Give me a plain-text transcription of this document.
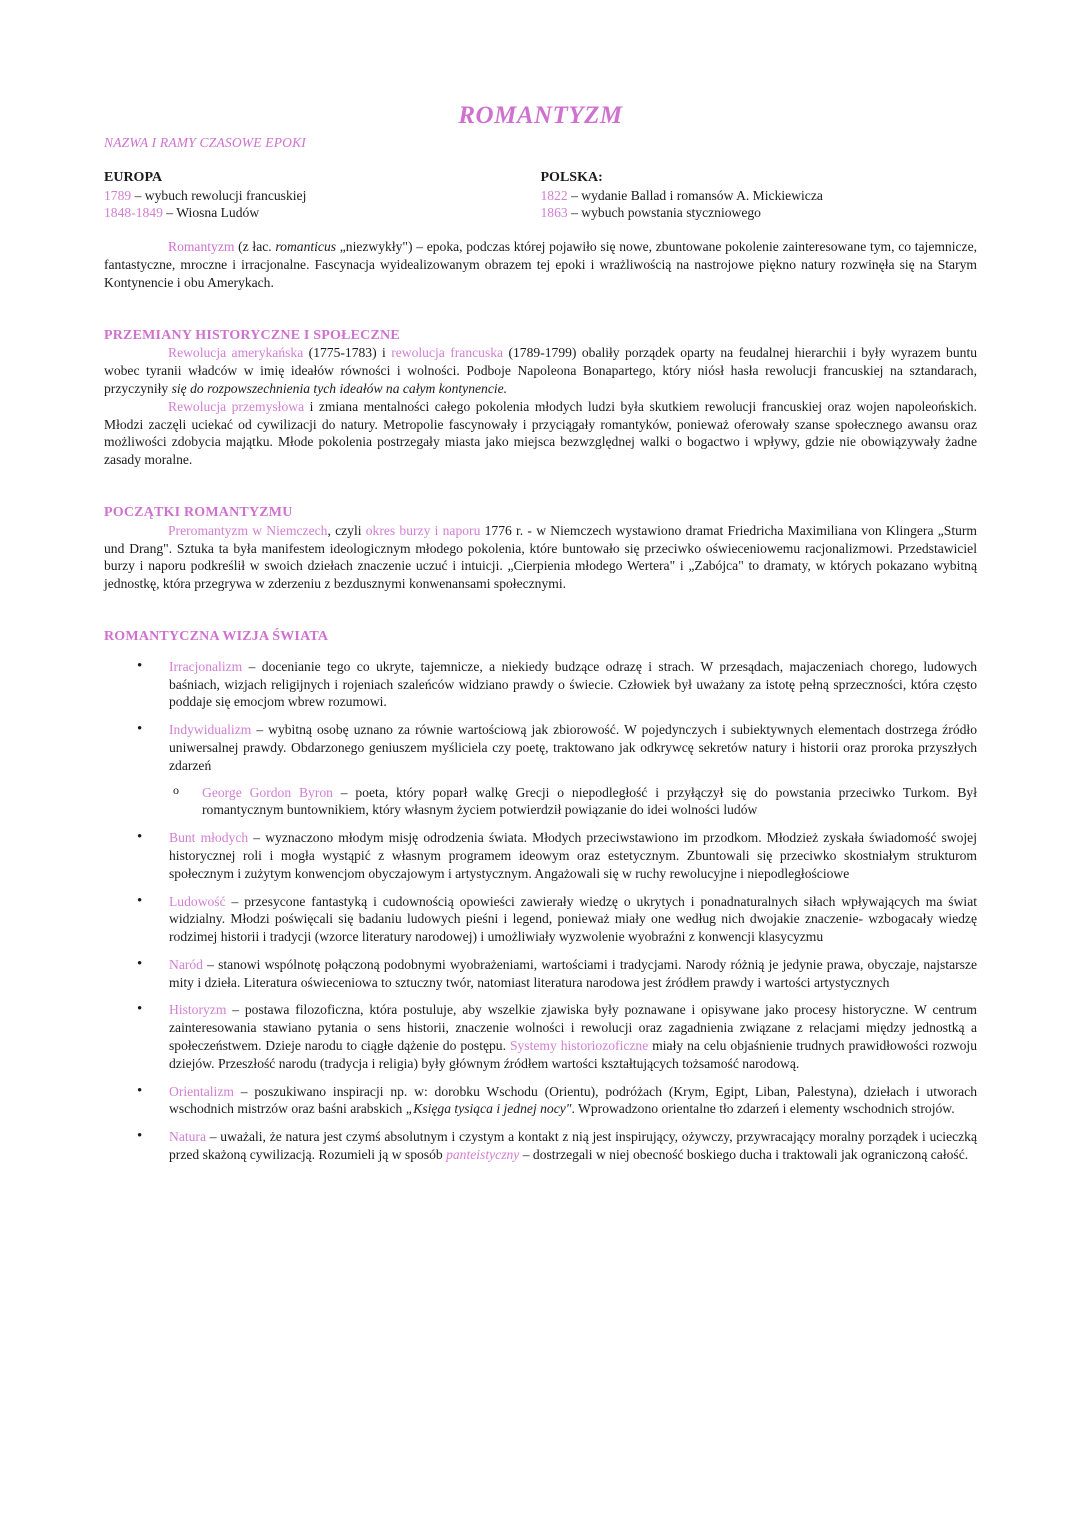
ROMANTYZM
NAZWA I RAMY CZASOWE EPOKI
EUROPA
1789 – wybuch rewolucji francuskiej
1848-1849 – Wiosna Ludów
POLSKA:
1822 – wydanie Ballad i romansów A. Mickiewicza
1863 – wybuch powstania styczniowego

Romantyzm (z łac. romanticus „niezwykły") – epoka, podczas której pojawiło się nowe, zbuntowane pokolenie zainteresowane tym, co tajemnicze, fantastyczne, mroczne i irracjonalne. Fascynacja wyidealizowanym obrazem tej epoki i wrażliwością na nastrojowe piękno natury rozwinęła się na Starym Kontynencie i obu Amerykach.

PRZEMIANY HISTORYCZNE I SPOŁECZNE

Rewolucja amerykańska (1775-1783) i rewolucja francuska (1789-1799) obaliły porządek oparty na feudalnej hierarchii i były wyrazem buntu wobec tyranii władców w imię ideałów równości i wolności. Podboje Napoleona Bonapartego, który niósł hasła rewolucji francuskiej na sztandarach, przyczyniły się do rozpowszechnienia tych ideałów na całym kontynencie.

Rewolucja przemysłowa i zmiana mentalności całego pokolenia młodych ludzi była skutkiem rewolucji francuskiej oraz wojen napoleońskich. Młodzi zaczęli uciekać od cywilizacji do natury. Metropolie fascynowały i przyciągały romantyków, ponieważ oferowały szanse społecznego awansu oraz możliwości zdobycia majątku. Młode pokolenia postrzegały miasta jako miejsca bezwzględnej walki o bogactwo i wpływy, gdzie nie obowiązywały żadne zasady moralne.

POCZĄTKI ROMANTYZMU

Preromantyzm w Niemczech, czyli okres burzy i naporu 1776 r. - w Niemczech wystawiono dramat Friedricha Maximiliana von Klingera „Sturm und Drang". Sztuka ta była manifestem ideologicznym młodego pokolenia, które buntowało się przeciwko oświeceniowemu racjonalizmowi. Przedstawiciel burzy i naporu podkreślił w swoich dziełach znaczenie uczuć i intuicji. „Cierpienia młodego Wertera" i „Zabójca" to dramaty, w których pokazano wybitną jednostkę, która przegrywa w zderzeniu z bezdusznymi konwenansami społecznymi.

ROMANTYCZNA WIZJA ŚWIATA
• Irracjonalizm – docenianie tego co ukryte, tajemnicze, a niekiedy budzące odrazę i strach. W przesądach, majaczeniach chorego, ludowych baśniach, wizjach religijnych i rojeniach szaleńców widziano prawdy o świecie. Człowiek był uważany za istotę pełną sprzeczności, która często poddaje się emocjom wbrew rozumowi.
• Indywidualizm – wybitną osobę uznano za równie wartościową jak zbiorowość. W pojedynczych i subiektywnych elementach dostrzega źródło uniwersalnej prawdy. Obdarzonego geniuszem myśliciela czy poetę, traktowano jak odkrywcę sekretów natury i historii oraz proroka przyszłych zdarzeń
o George Gordon Byron – poeta, który poparł walkę Grecji o niepodległość i przyłączył się do powstania przeciwko Turkom. Był romantycznym buntownikiem, który własnym życiem potwierdził powiązanie do idei wolności ludów
• Bunt młodych – wyznaczono młodym misję odrodzenia świata. Młodych przeciwstawiono im przodkom. Młodzież zyskała świadomość swojej historycznej roli i mogła wystąpić z własnym programem ideowym oraz estetycznym. Zbuntowali się przeciwko skostniałym strukturom społecznym i zużytym konwencjom obyczajowym i artystycznym. Angażowali się w ruchy rewolucyjne i niepodległościowe
• Ludowość – przesycone fantastyką i cudownością opowieści zawierały wiedzę o ukrytych i ponadnaturalnych siłach wpływających ma świat widzialny. Młodzi poświęcali się badaniu ludowych pieśni i legend, ponieważ miały one według nich dwojakie znaczenie- wzbogacały wiedzę rodzimej historii i tradycji (wzorce literatury narodowej) i umożliwiały wyzwolenie wyobraźni z konwencji klasycyzmu
• Naród – stanowi wspólnotę połączoną podobnymi wyobrażeniami, wartościami i tradycjami. Narody różnią je jedynie prawa, obyczaje, najstarsze mity i dzieła. Literatura oświeceniowa to sztuczny twór, natomiast literatura narodowa jest źródłem prawdy i wartości artystycznych
• Historyzm – postawa filozoficzna, która postuluje, aby wszelkie zjawiska były poznawane i opisywane jako procesy historyczne. W centrum zainteresowania stawiano pytania o sens historii, znaczenie wolności i rewolucji oraz zagadnienia związane z relacjami między jednostką a społeczeństwem. Dzieje narodu to ciągłe dążenie do postępu. Systemy historiozoficzne miały na celu objaśnienie trudnych prawidłowości rozwoju dziejów. Przeszłość narodu (tradycja i religia) były głównym źródłem wartości kształtujących tożsamość narodową.
• Orientalizm – poszukiwano inspiracji np. w: dorobku Wschodu (Orientu), podróżach (Krym, Egipt, Liban, Palestyna), dziełach i utworach wschodnich mistrzów oraz baśni arabskich „Księga tysiąca i jednej nocy". Wprowadzono orientalne tło zdarzeń i elementy wschodnich strojów.
• Natura – uważali, że natura jest czymś absolutnym i czystym a kontakt z nią jest inspirujący, ożywczy, przywracający moralny porządek i ucieczką przed skażoną cywilizacją. Rozumieli ją w sposób panteistyczny – dostrzegali w niej obecność boskiego ducha i traktowali jak ograniczoną całość.
